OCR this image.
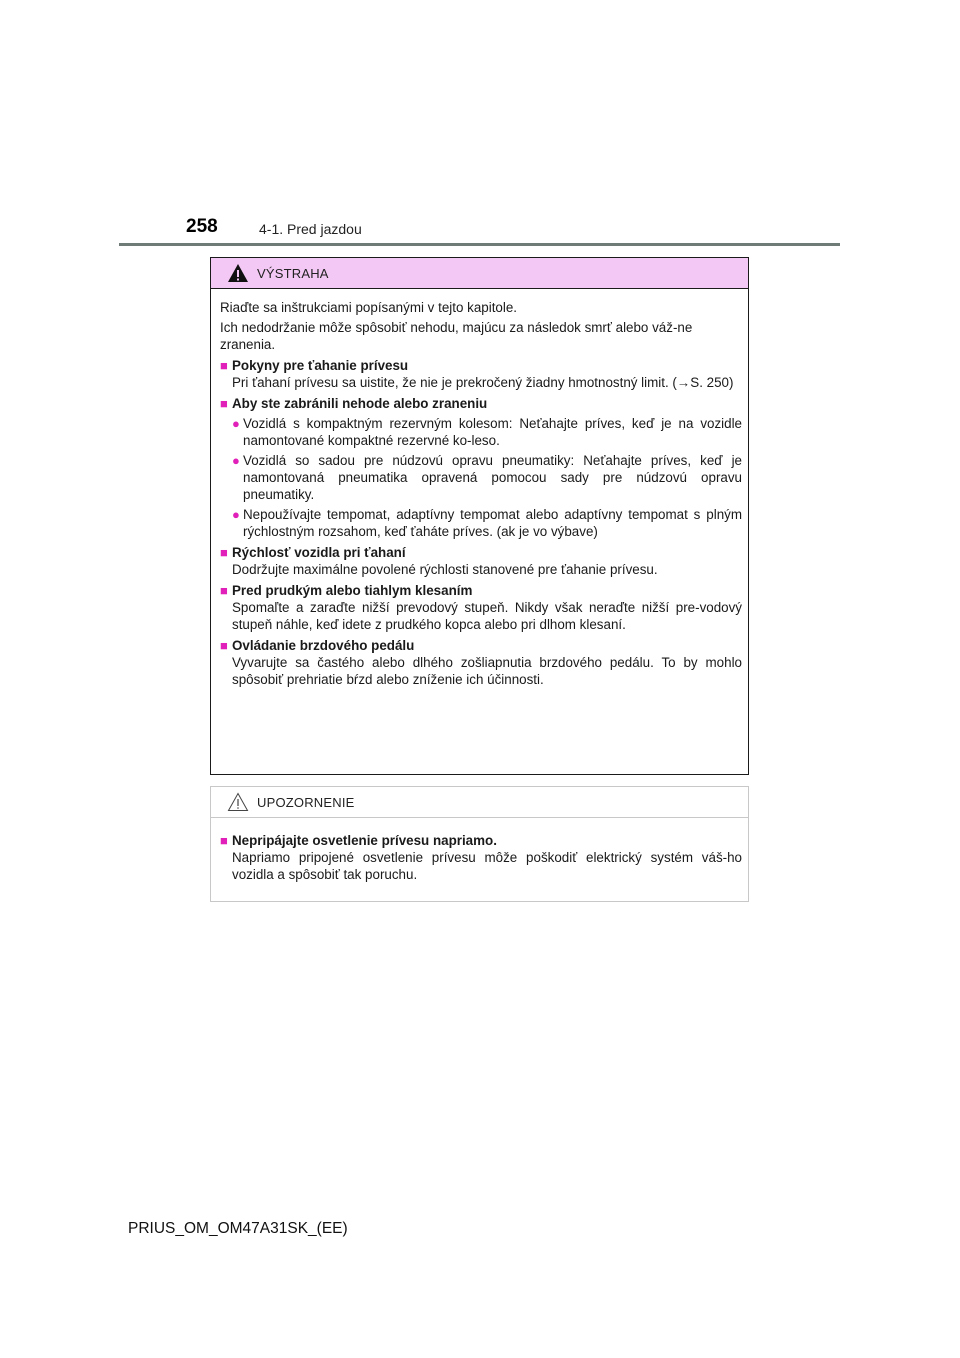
258	4-1. Pred jazdou
VÝSTRAHA
Riaďte sa inštrukciami popísanými v tejto kapitole.
Ich nedodržanie môže spôsobiť nehodu, majúcu za následok smrť alebo váž-ne zranenia.
■ Pokyny pre ťahanie prívesu
Pri ťahaní prívesu sa uistite, že nie je prekročený žiadny hmotnostný limit. (→S. 250)
■ Aby ste zabránili nehode alebo zraneniu
● Vozidlá s kompaktným rezervným kolesom: Neťahajte príves, keď je na vozidle namontované kompaktné rezervné ko-leso.
● Vozidlá so sadou pre núdzovú opravu pneumatiky: Neťahajte príves, keď je namontovaná pneumatika opravená pomocou sady pre núdzovú opravu pneumatiky.
● Nepoužívajte tempomat, adaptívny tempomat alebo adaptívny tempomat s plným rýchlostným rozsahom, keď ťaháte príves. (ak je vo výbave)
■ Rýchlosť vozidla pri ťahaní
Dodržujte maximálne povolené rýchlosti stanovené pre ťahanie prívesu.
■ Pred prudkým alebo tiahlym klesaním
Spomaľte a zaraďte nižší prevodový stupeň. Nikdy však neraďte nižší pre-vodový stupeň náhle, keď idete z prudkého kopca alebo pri dlhom klesaní.
■ Ovládanie brzdového pedálu
Vyvarujte sa častého alebo dlhého zošliapnutia brzdového pedálu. To by mohlo spôsobiť prehriatie bŕzd alebo zníženie ich účinnosti.
UPOZORNENIE
■ Nepripájajte osvetlenie prívesu napriamo.
Napriamo pripojené osvetlenie prívesu môže poškodiť elektrický systém váš-ho vozidla a spôsobiť tak poruchu.
PRIUS_OM_OM47A31SK_(EE)
